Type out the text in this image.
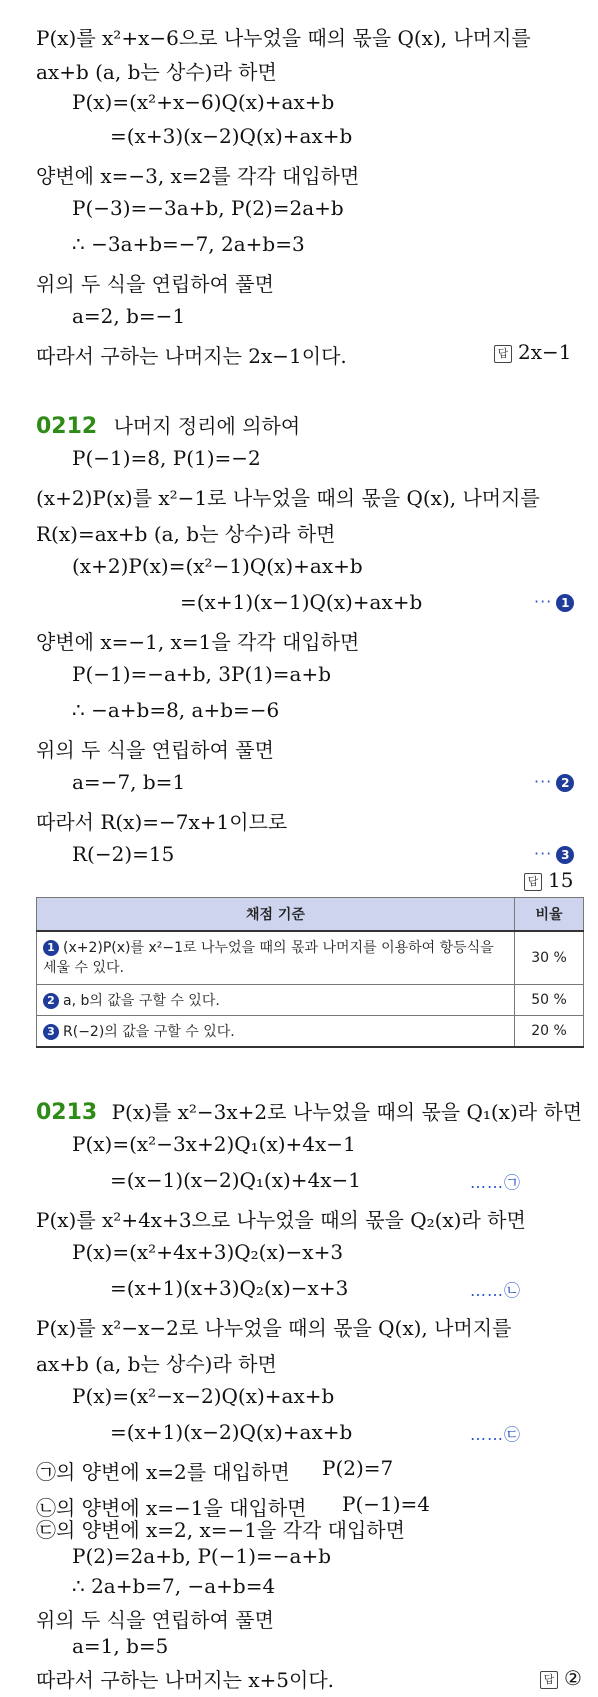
P(x)를 x²+x−6으로 나누었을 때의 몫을 Q(x), 나머지를
ax+b (a, b는 상수)라 하면
P(x)=(x²+x−6)Q(x)+ax+b
=(x+3)(x−2)Q(x)+ax+b
양변에 x=−3, x=2를 각각 대입하면
P(−3)=−3a+b, P(2)=2a+b
∴ −3a+b=−7, 2a+b=3
위의 두 식을 연립하여 풀면
a=2, b=−1
따라서 구하는 나머지는 2x−1이다.	답 2x−1
0212 나머지 정리에 의하여
P(−1)=8, P(1)=−2
(x+2)P(x)를 x²−1로 나누었을 때의 몫을 Q(x), 나머지를
R(x)=ax+b (a, b는 상수)라 하면
(x+2)P(x)=(x²−1)Q(x)+ax+b
=(x+1)(x−1)Q(x)+ax+b	··· 1
양변에 x=−1, x=1을 각각 대입하면
P(−1)=−a+b, 3P(1)=a+b
∴ −a+b=8, a+b=−6
위의 두 식을 연립하여 풀면
a=−7, b=1	··· 2
따라서 R(x)=−7x+1이므로
R(−2)=15	··· 3
답 15
채점 기준	비율
1 (x+2)P(x)를 x²−1로 나누었을 때의 몫과 나머지를 이용하여 항등식을 세울 수 있다.	30 %
2 a, b의 값을 구할 수 있다.	50 %
3 R(−2)의 값을 구할 수 있다.	20 %
0213 P(x)를 x²−3x+2로 나누었을 때의 몫을 Q₁(x)라 하면
P(x)=(x²−3x+2)Q₁(x)+4x−1
=(x−1)(x−2)Q₁(x)+4x−1	……㉠
P(x)를 x²+4x+3으로 나누었을 때의 몫을 Q₂(x)라 하면
P(x)=(x²+4x+3)Q₂(x)−x+3
=(x+1)(x+3)Q₂(x)−x+3	……㉡
P(x)를 x²−x−2로 나누었을 때의 몫을 Q(x), 나머지를
ax+b (a, b는 상수)라 하면
P(x)=(x²−x−2)Q(x)+ax+b
=(x+1)(x−2)Q(x)+ax+b	……㉢
㉠의 양변에 x=2를 대입하면 P(2)=7
㉡의 양변에 x=−1을 대입하면 P(−1)=4
㉢의 양변에 x=2, x=−1을 각각 대입하면
P(2)=2a+b, P(−1)=−a+b
∴ 2a+b=7, −a+b=4
위의 두 식을 연립하여 풀면
a=1, b=5
답 ②
따라서 구하는 나머지는 x+5이다.
